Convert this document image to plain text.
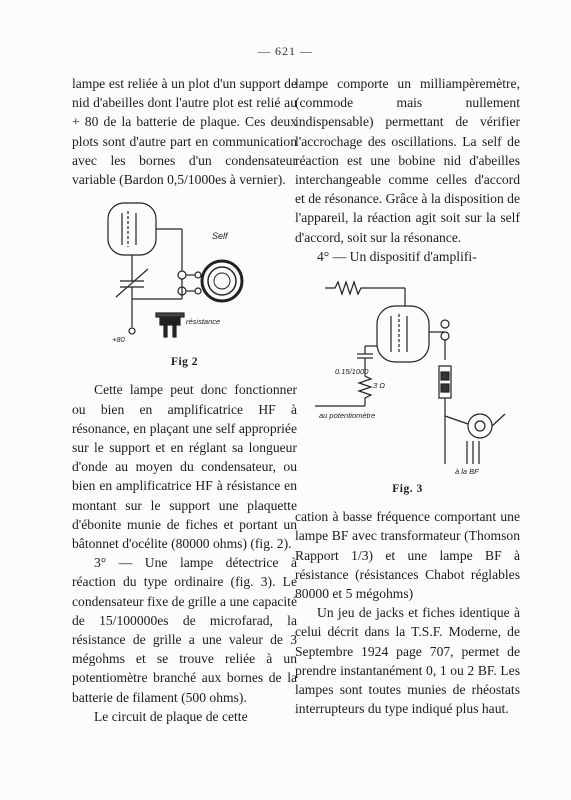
— 621 —

lampe est reliée à un plot d'un support de nid d'abeilles dont l'autre plot est relié au + 80 de la batterie de plaque. Ces deux plots sont d'autre part en communication avec les bornes d'un condensateur variable (Bardon 0,5/1000es à vernier).

Self
+80
résistance
Fig 2

Cette lampe peut donc fonctionner ou bien en amplificatrice HF à résonance, en plaçant une self appropriée sur le support et en réglant sa longueur d'onde au moyen du condensateur, ou bien en amplificatrice HF à résistance en montant sur le support une plaquette d'ébonite munie de fiches et portant un bâtonnet d'océlite (80000 ohms) (fig. 2).

3° — Une lampe détectrice à réaction du type ordinaire (fig. 3). Le condensateur fixe de grille a une capacité de 15/100000es de microfarad, la résistance de grille a une valeur de 3 mégohms et se trouve reliée à un potentiomètre branché aux bornes de la batterie de filament (500 ohms).

Le circuit de plaque de cette

lampe comporte un milliampèremètre, (commode mais nullement indispensable) permettant de vérifier l'accrochage des oscillations. La self de réaction est une bobine nid d'abeilles interchangeable comme celles d'accord et de résonance. Grâce à la disposition de l'appareil, la réaction agit soit sur la self d'accord, soit sur la résonance.

4° — Un dispositif d'amplifi-

0.15/1000
3 Ω
au potentiomètre
à la BF
Fig. 3

cation à basse fréquence comportant une lampe BF avec transformateur (Thomson Rapport 1/3) et une lampe BF à résistance (résistances Chabot réglables 80000 et 5 mégohms)

Un jeu de jacks et fiches identique à celui décrit dans la T.S.F. Moderne, de Septembre 1924 page 707, permet de prendre instantanément 0, 1 ou 2 BF. Les lampes sont toutes munies de rhéostats interrupteurs du type indiqué plus haut.
